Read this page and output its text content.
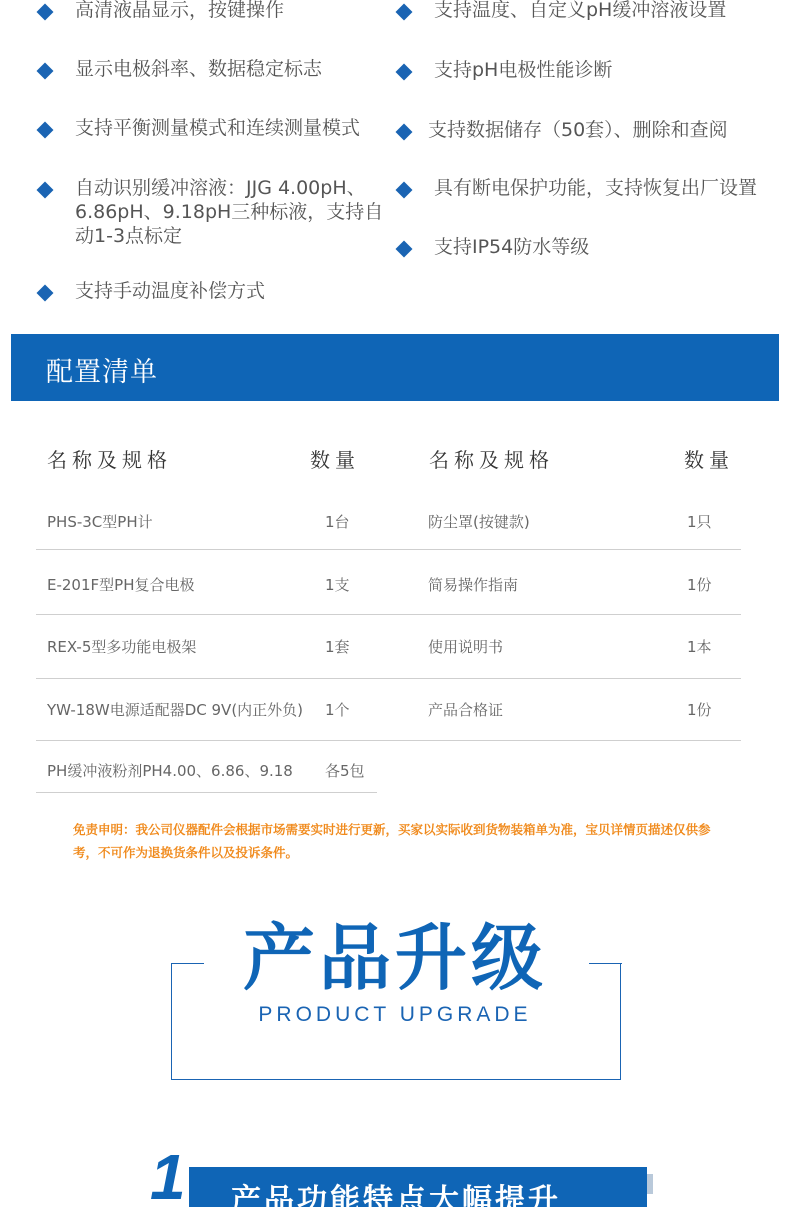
高清液晶显示，按键操作
显示电极斜率、数据稳定标志
支持平衡测量模式和连续测量模式
自动识别缓冲溶液：JJG 4.00pH、6.86pH、9.18pH三种标液，支持自动1-3点标定
支持手动温度补偿方式
支持温度、自定义pH缓冲溶液设置
支持pH电极性能诊断
支持数据储存（50套）、删除和查阅
具有断电保护功能，支持恢复出厂设置
支持IP54防水等级
配置清单
名称及规格	数量	名称及规格	数量
PHS-3C型PH计	1台	防尘罩(按键款)	1只
E-201F型PH复合电极	1支	简易操作指南	1份
REX-5型多功能电极架	1套	使用说明书	1本
YW-18W电源适配器DC 9V(内正外负) 1个	产品合格证	1份
PH缓冲液粉剂PH4.00、6.86、9.18 各5包
免责申明：我公司仪器配件会根据市场需要实时进行更新，买家以实际收到货物装箱单为准，宝贝详情页描述仅供参考，不可作为退换货条件以及投诉条件。
产品升级
PRODUCT UPGRADE
1 产品功能特点大幅提升
